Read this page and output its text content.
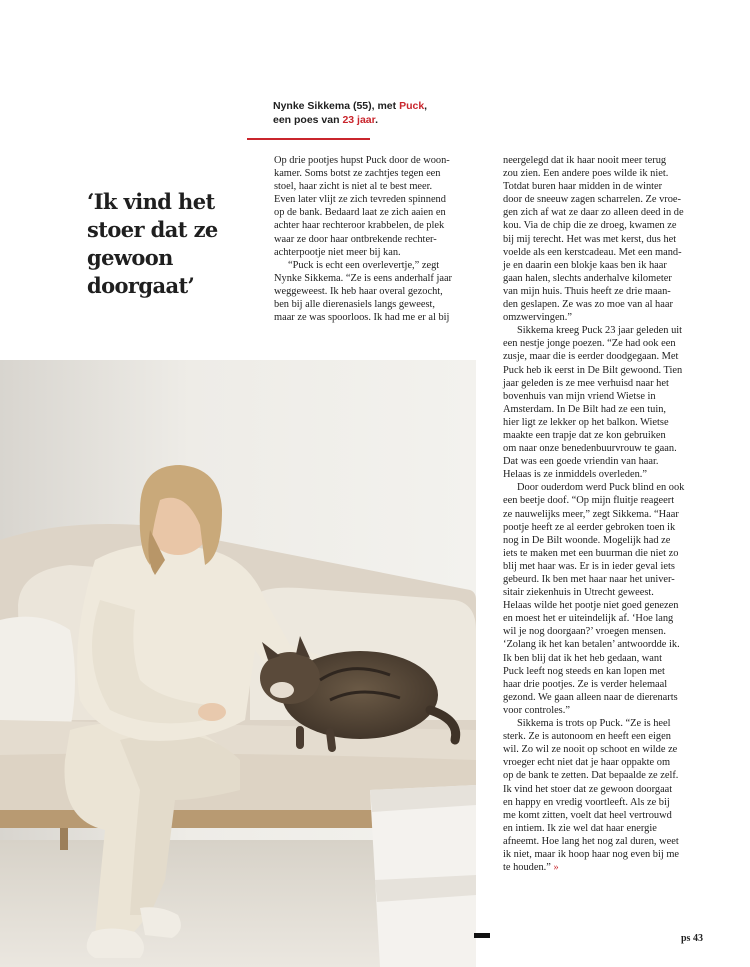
Nynke Sikkema (55), met Puck,
een poes van 23 jaar.
‘Ik vind het
stoer dat ze
gewoon
doorgaat’
Op drie pootjes hupst Puck door de woon-
kamer. Soms botst ze zachtjes tegen een
stoel, haar zicht is niet al te best meer.
Even later vlijt ze zich tevreden spinnend
op de bank. Bedaard laat ze zich aaien en
achter haar rechteroor krabbelen, de plek
waar ze door haar ontbrekende rechter-
achterpootje niet meer bij kan.
“Puck is echt een overlevertje,” zegt
Nynke Sikkema. “Ze is eens anderhalf jaar
weggeweest. Ik heb haar overal gezocht,
ben bij alle dierenasiels langs geweest,
maar ze was spoorloos. Ik had me er al bij
neergelegd dat ik haar nooit meer terug
zou zien. Een andere poes wilde ik niet.
Totdat buren haar midden in de winter
door de sneeuw zagen scharrelen. Ze vroe-
gen zich af wat ze daar zo alleen deed in de
kou. Via de chip die ze droeg, kwamen ze
bij mij terecht. Het was met kerst, dus het
voelde als een kerstcadeau. Met een mand-
je en daarin een blokje kaas ben ik haar
gaan halen, slechts anderhalve kilometer
van mijn huis. Thuis heeft ze drie maan-
den geslapen. Ze was zo moe van al haar
omzwervingen.”
Sikkema kreeg Puck 23 jaar geleden uit
een nestje jonge poezen. “Ze had ook een
zusje, maar die is eerder doodgegaan. Met
Puck heb ik eerst in De Bilt gewoond. Tien
jaar geleden is ze mee verhuisd naar het
bovenhuis van mijn vriend Wietse in
Amsterdam. In De Bilt had ze een tuin,
hier ligt ze lekker op het balkon. Wietse
maakte een trapje dat ze kon gebruiken
om naar onze benedenbuurvrouw te gaan.
Dat was een goede vriendin van haar.
Helaas is ze inmiddels overleden.”
Door ouderdom werd Puck blind en ook
een beetje doof. “Op mijn fluitje reageert
ze nauwelijks meer,” zegt Sikkema. “Haar
pootje heeft ze al eerder gebroken toen ik
nog in De Bilt woonde. Mogelijk had ze
iets te maken met een buurman die niet zo
blij met haar was. Er is in ieder geval iets
gebeurd. Ik ben met haar naar het univer-
sitair ziekenhuis in Utrecht geweest.
Helaas wilde het pootje niet goed genezen
en moest het er uiteindelijk af. ‘Hoe lang
wil je nog doorgaan?’ vroegen mensen.
‘Zolang ik het kan betalen’ antwoordde ik.
Ik ben blij dat ik het heb gedaan, want
Puck leeft nog steeds en kan lopen met
haar drie pootjes. Ze is verder helemaal
gezond. We gaan alleen naar de dierenarts
voor controles.”
Sikkema is trots op Puck. “Ze is heel
sterk. Ze is autonoom en heeft een eigen
wil. Zo wil ze nooit op schoot en wilde ze
vroeger echt niet dat je haar oppakte om
op de bank te zetten. Dat bepaalde ze zelf.
Ik vind het stoer dat ze gewoon doorgaat
en happy en vredig voortleeft. Als ze bij
me komt zitten, voelt dat heel vertrouwd
en intiem. Ik zie wel dat haar energie
afneemt. Hoe lang het nog zal duren, weet
ik niet, maar ik hoop haar nog even bij me
te houden.” »
ps 43
